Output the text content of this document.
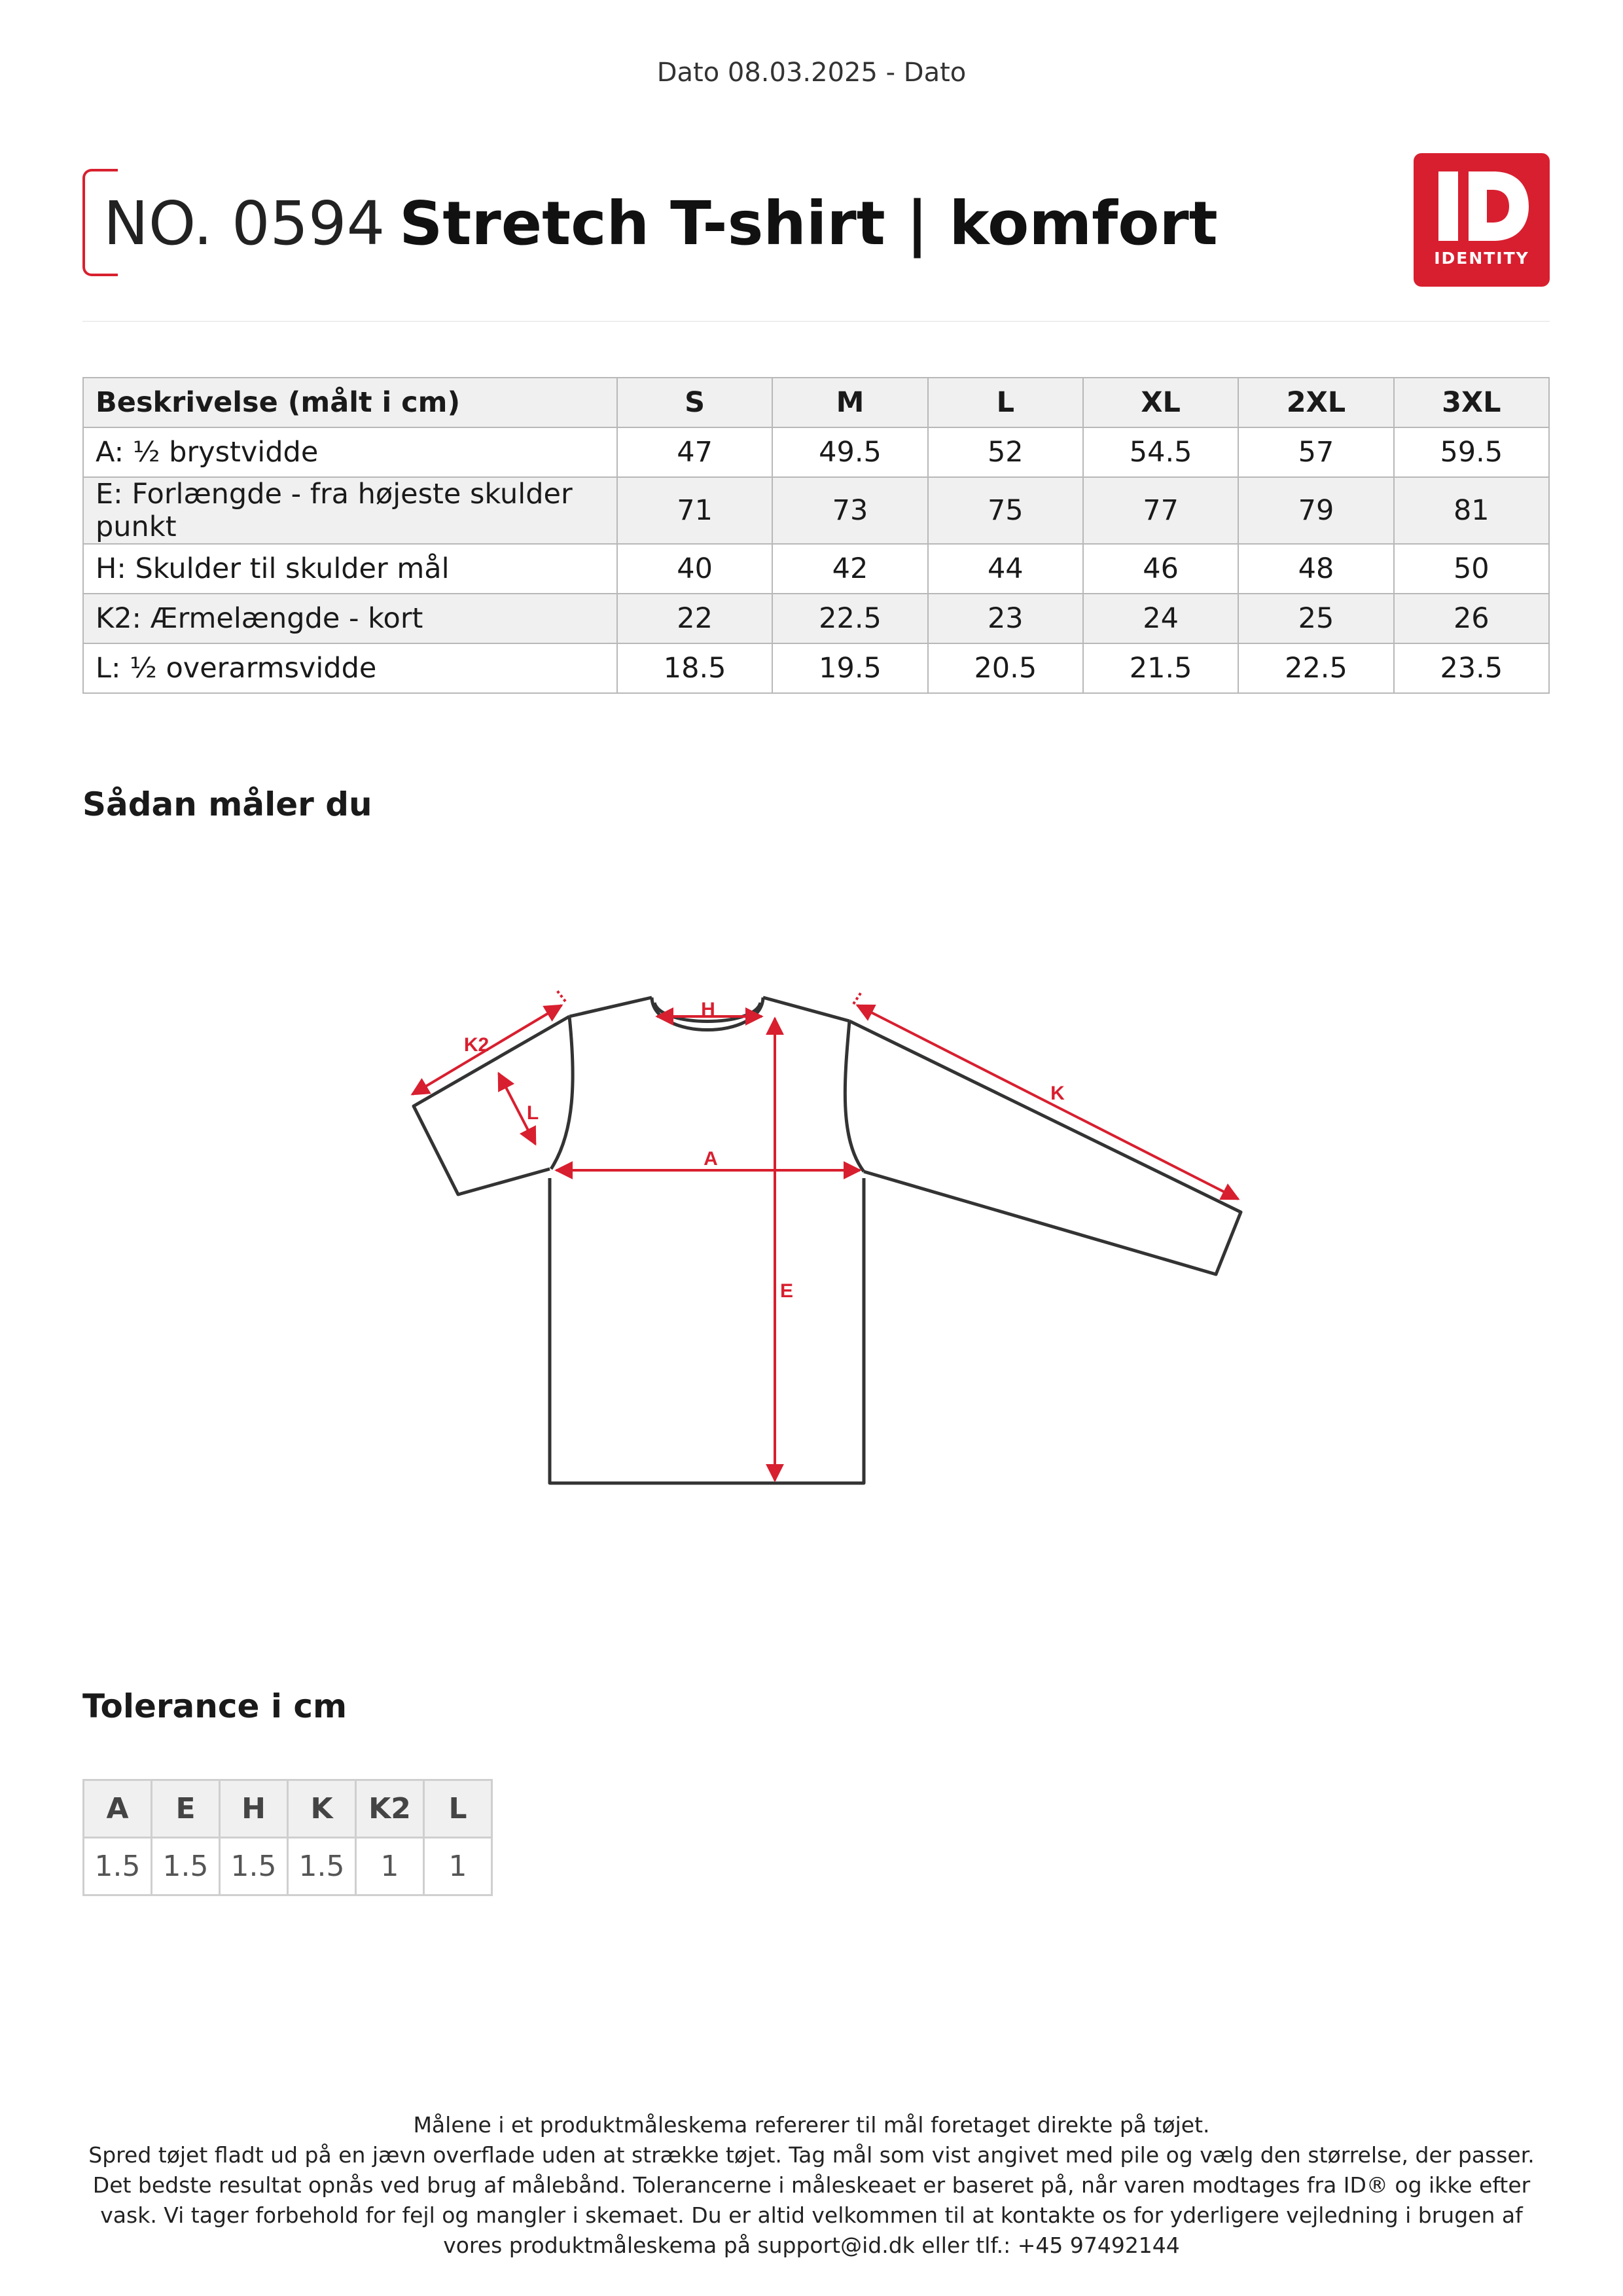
Dato 08.03.2025 - Dato
NO. 0594 Stretch T-shirt | komfort	IDENTITY
Beskrivelse (målt i cm)	S	M	L	XL	2XL	3XL
A: ½ brystvidde	47	49.5	52	54.5	57	59.5
E: Forlængde - fra højeste skulder punkt	71	73	75	77	79	81
H: Skulder til skulder mål	40	42	44	46	48	50
K2: Ærmelængde - kort	22	22.5	23	24	25	26
L: ½ overarmsvidde	18.5	19.5	20.5	21.5	22.5	23.5
Sådan måler du
H
K2
L
K
A
E
Tolerance i cm
A	E	H	K	K2	L
1.5	1.5	1.5	1.5	1	1
Målene i et produktmåleskema refererer til mål foretaget direkte på tøjet.
Spred tøjet fladt ud på en jævn overflade uden at strække tøjet. Tag mål som vist angivet med pile og vælg den størrelse, der passer. Det bedste resultat opnås ved brug af målebånd. Tolerancerne i måleskeaet er baseret på, når varen modtages fra ID® og ikke efter vask. Vi tager forbehold for fejl og mangler i skemaet. Du er altid velkommen til at kontakte os for yderligere vejledning i brugen af vores produktmåleskema på support@id.dk eller tlf.: +45 97492144
